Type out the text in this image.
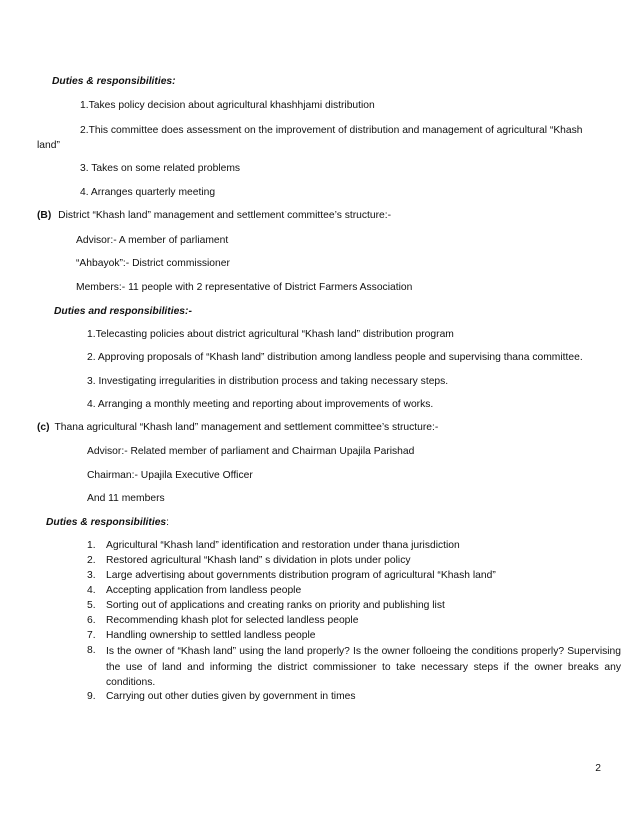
Duties & responsibilities:
1.Takes policy decision about agricultural khashhjami distribution
2.This committee does assessment on the improvement of distribution and management of agricultural “Khash
land”
3. Takes on some related problems
4. Arranges quarterly meeting
(B) District “Khash land” management and settlement committee’s structure:-
Advisor:- A member of parliament
“Ahbayok”:- District commissioner
Members:- 11 people with 2 representative of District Farmers Association
Duties and responsibilities:-
1.Telecasting policies about district agricultural “Khash land” distribution program
2. Approving proposals of “Khash land” distribution among landless people and supervising thana committee.
3. Investigating irregularities in distribution process and taking necessary steps.
4. Arranging a monthly meeting and reporting about improvements of works.
(c) Thana agricultural “Khash land” management and settlement committee’s structure:-
Advisor:- Related member of parliament and Chairman Upajila Parishad
Chairman:- Upajila Executive Officer
And 11 members
Duties & responsibilities:
1. Agricultural “Khash land” identification and restoration under thana jurisdiction
2. Restored agricultural “Khash land” s dividation in plots under policy
3. Large advertising about governments distribution program of agricultural “Khash land”
4. Accepting application from landless people
5. Sorting out of applications and creating ranks on priority and publishing list
6. Recommending khash plot for selected landless people
7. Handling ownership to settled landless people
8. Is the owner of “Khash land” using the land properly? Is the owner folloeing the conditions properly? Supervising the use of land and informing the district commissioner to take necessary steps if the owner breaks any conditions.
9. Carrying out other duties given by government in times
2
